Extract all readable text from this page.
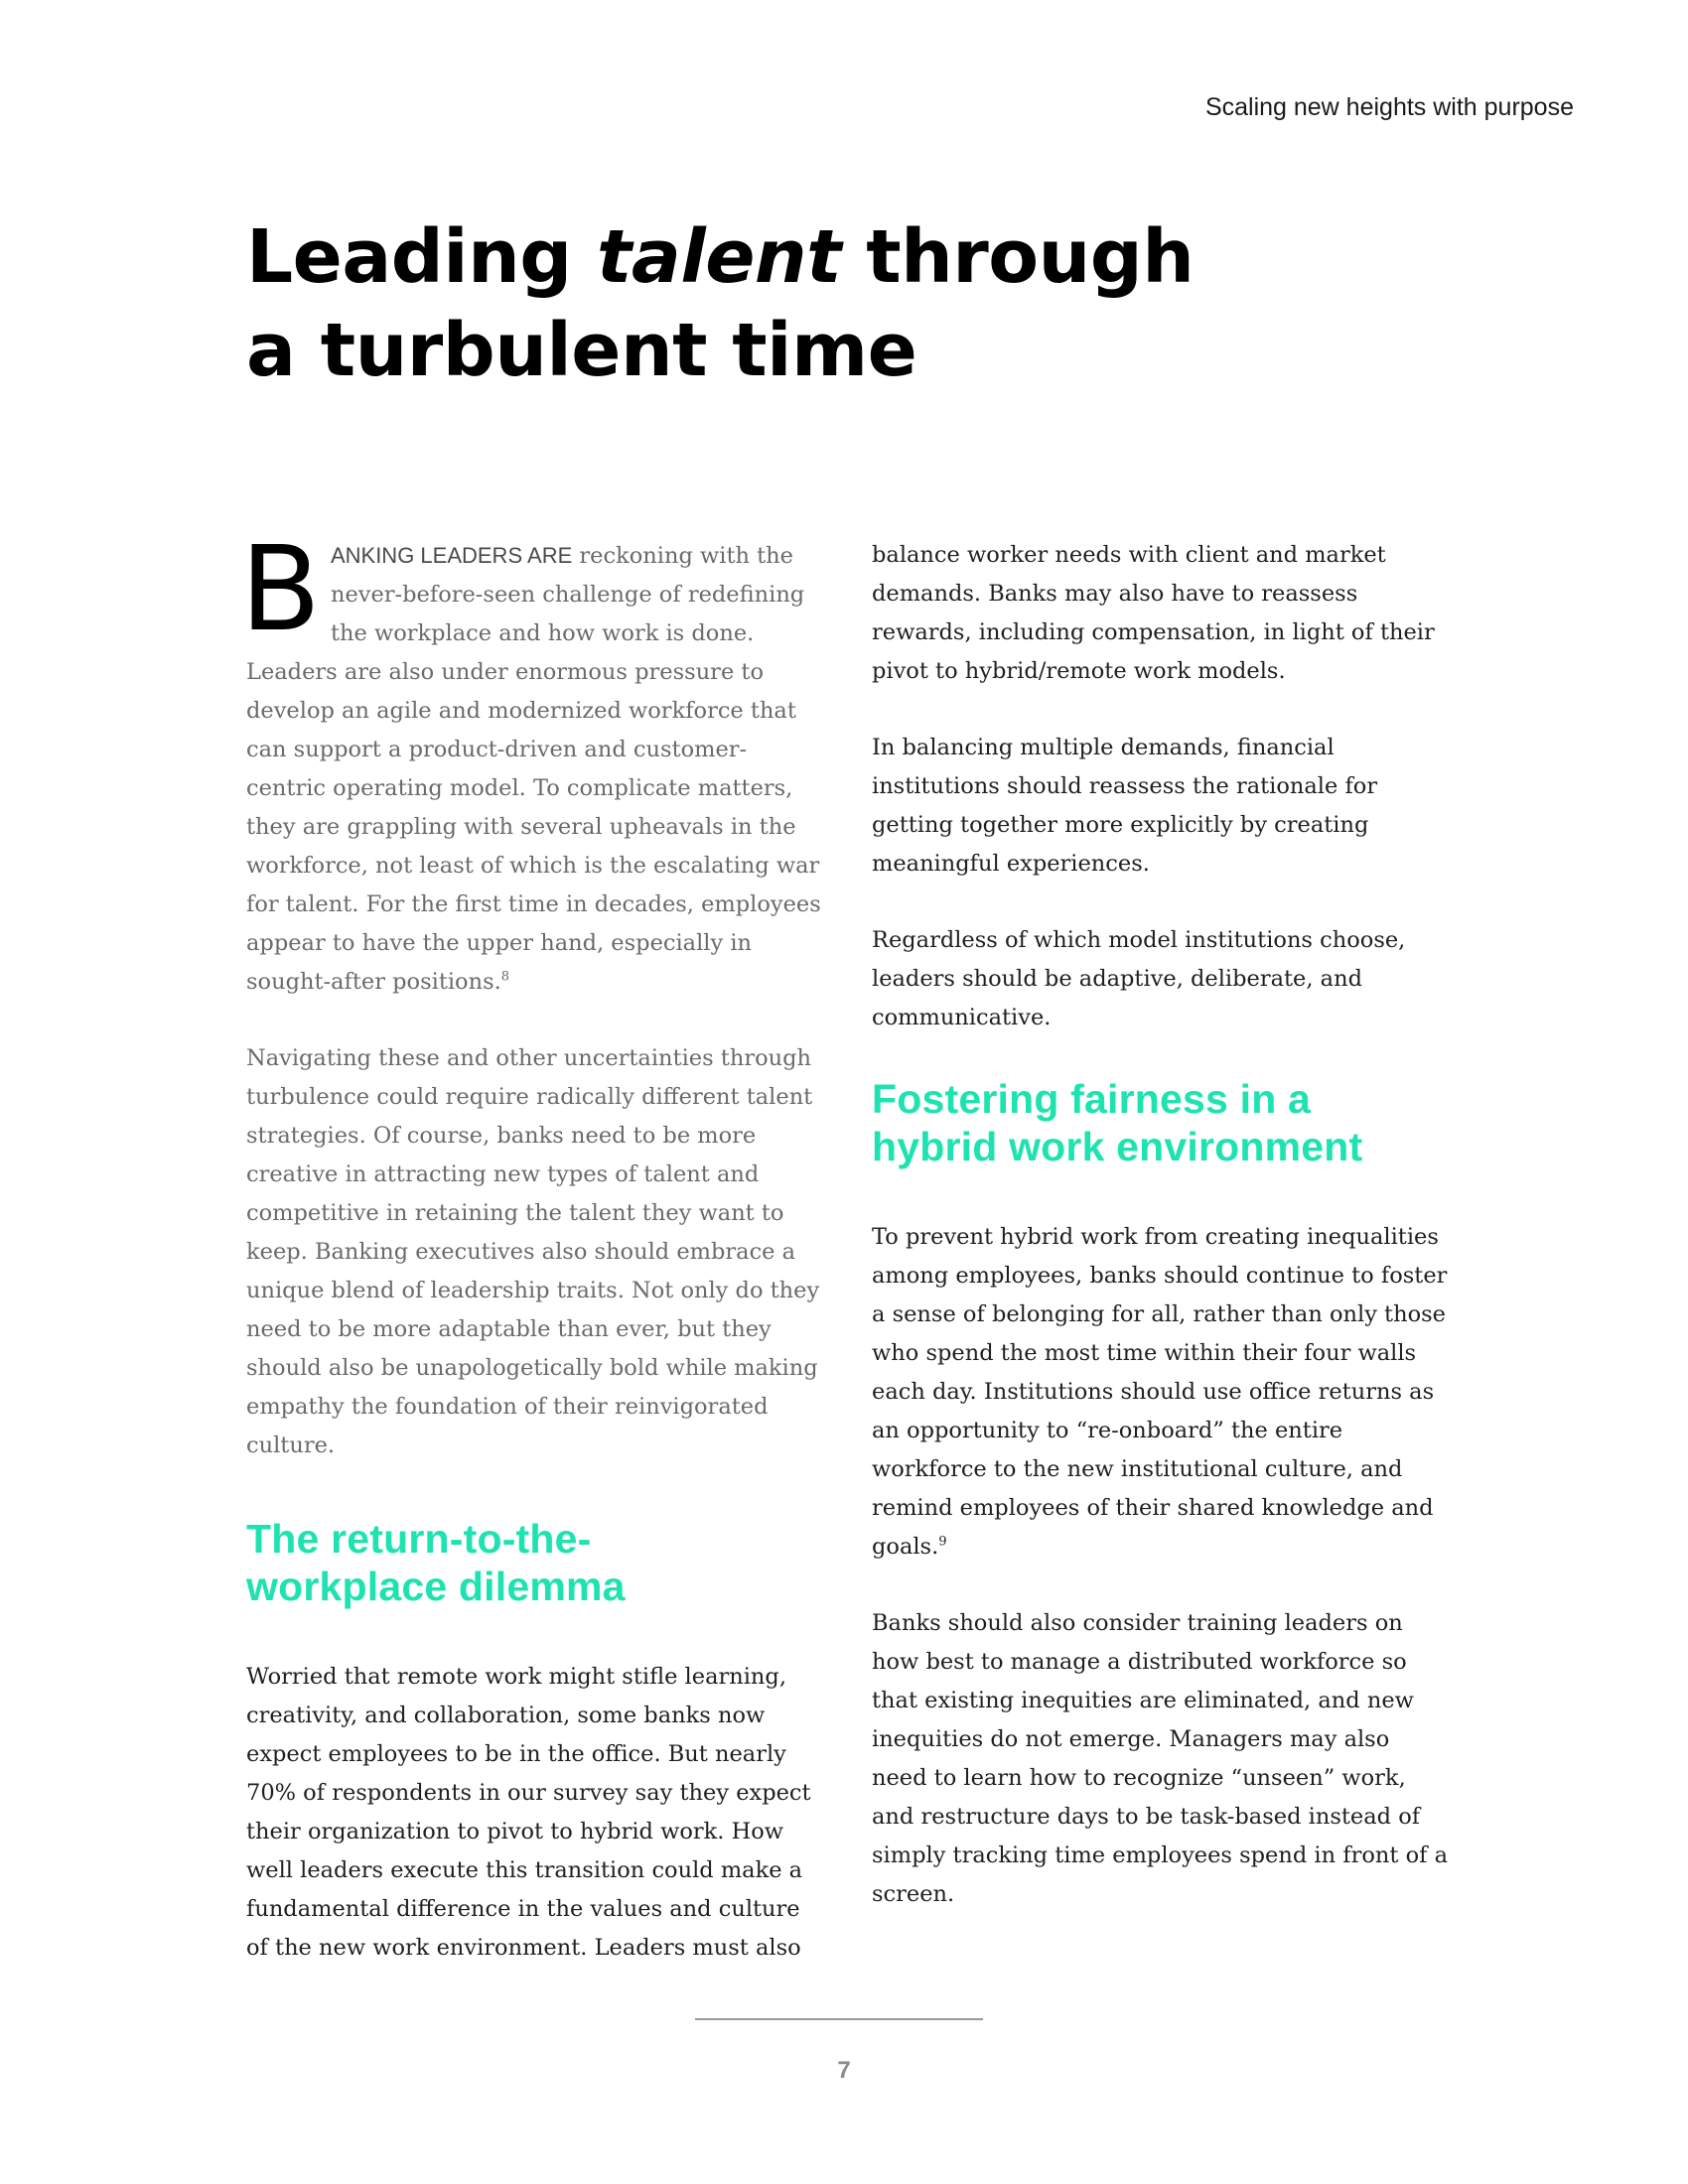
Scaling new heights with purpose

Leading talent through
a turbulent time

BANKING LEADERS ARE reckoning with the never-before-seen challenge of redefining the workplace and how work is done. Leaders are also under enormous pressure to develop an agile and modernized workforce that can support a product-driven and customer-centric operating model. To complicate matters, they are grappling with several upheavals in the workforce, not least of which is the escalating war for talent. For the first time in decades, employees appear to have the upper hand, especially in sought-after positions.$^8$

Navigating these and other uncertainties through turbulence could require radically different talent strategies. Of course, banks need to be more creative in attracting new types of talent and competitive in retaining the talent they want to keep. Banking executives also should embrace a unique blend of leadership traits. Not only do they need to be more adaptable than ever, but they should also be unapologetically bold while making empathy the foundation of their reinvigorated culture.

The return-to-the-
workplace dilemma

Worried that remote work might stifle learning, creativity, and collaboration, some banks now expect employees to be in the office. But nearly 70% of respondents in our survey say they expect their organization to pivot to hybrid work. How well leaders execute this transition could make a fundamental difference in the values and culture of the new work environment. Leaders must also

balance worker needs with client and market demands. Banks may also have to reassess rewards, including compensation, in light of their pivot to hybrid/remote work models.

In balancing multiple demands, financial institutions should reassess the rationale for getting together more explicitly by creating meaningful experiences.

Regardless of which model institutions choose, leaders should be adaptive, deliberate, and communicative.

Fostering fairness in a
hybrid work environment

To prevent hybrid work from creating inequalities among employees, banks should continue to foster a sense of belonging for all, rather than only those who spend the most time within their four walls each day. Institutions should use office returns as an opportunity to “re-onboard” the entire workforce to the new institutional culture, and remind employees of their shared knowledge and goals.$^9$

Banks should also consider training leaders on how best to manage a distributed workforce so that existing inequities are eliminated, and new inequities do not emerge. Managers may also need to learn how to recognize “unseen” work, and restructure days to be task-based instead of simply tracking time employees spend in front of a screen.

7
